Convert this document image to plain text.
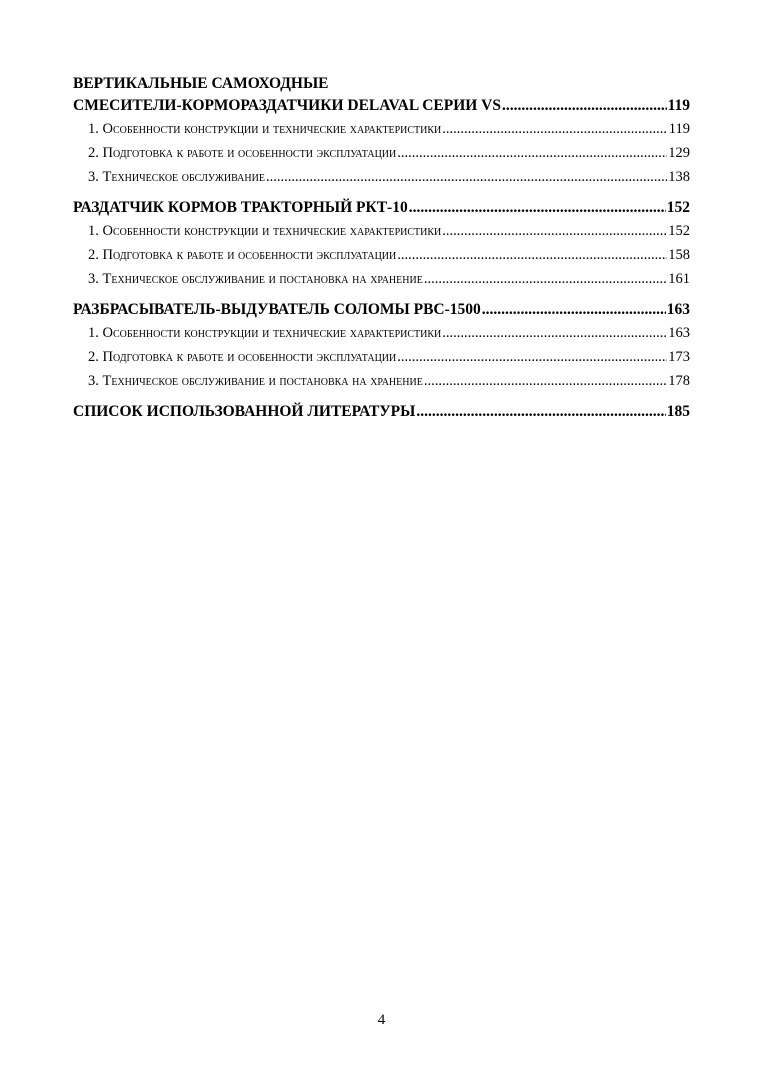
ВЕРТИКАЛЬНЫЕ САМОХОДНЫЕ
СМЕСИТЕЛИ-КОРМОРАЗДАТЧИКИ DELAVAL СЕРИИ VS .....	119
1. Особенности конструкции и технические характеристики .....	119
2. Подготовка к работе и особенности эксплуатации .....	129
3. Техническое обслуживание .....	138
РАЗДАТЧИК КОРМОВ ТРАКТОРНЫЙ РКТ-10 .....	152
1. Особенности конструкции и технические характеристики .....	152
2. Подготовка к работе и особенности эксплуатации .....	158
3. Техническое обслуживание и постановка на хранение .....	161
РАЗБРАСЫВАТЕЛЬ-ВЫДУВАТЕЛЬ СОЛОМЫ РВС-1500 .....	163
1. Особенности конструкции и технические характеристики .....	163
2. Подготовка к работе и особенности эксплуатации .....	173
3. Техническое обслуживание и постановка на хранение .....	178
СПИСОК ИСПОЛЬЗОВАННОЙ ЛИТЕРАТУРЫ .....	185
4
